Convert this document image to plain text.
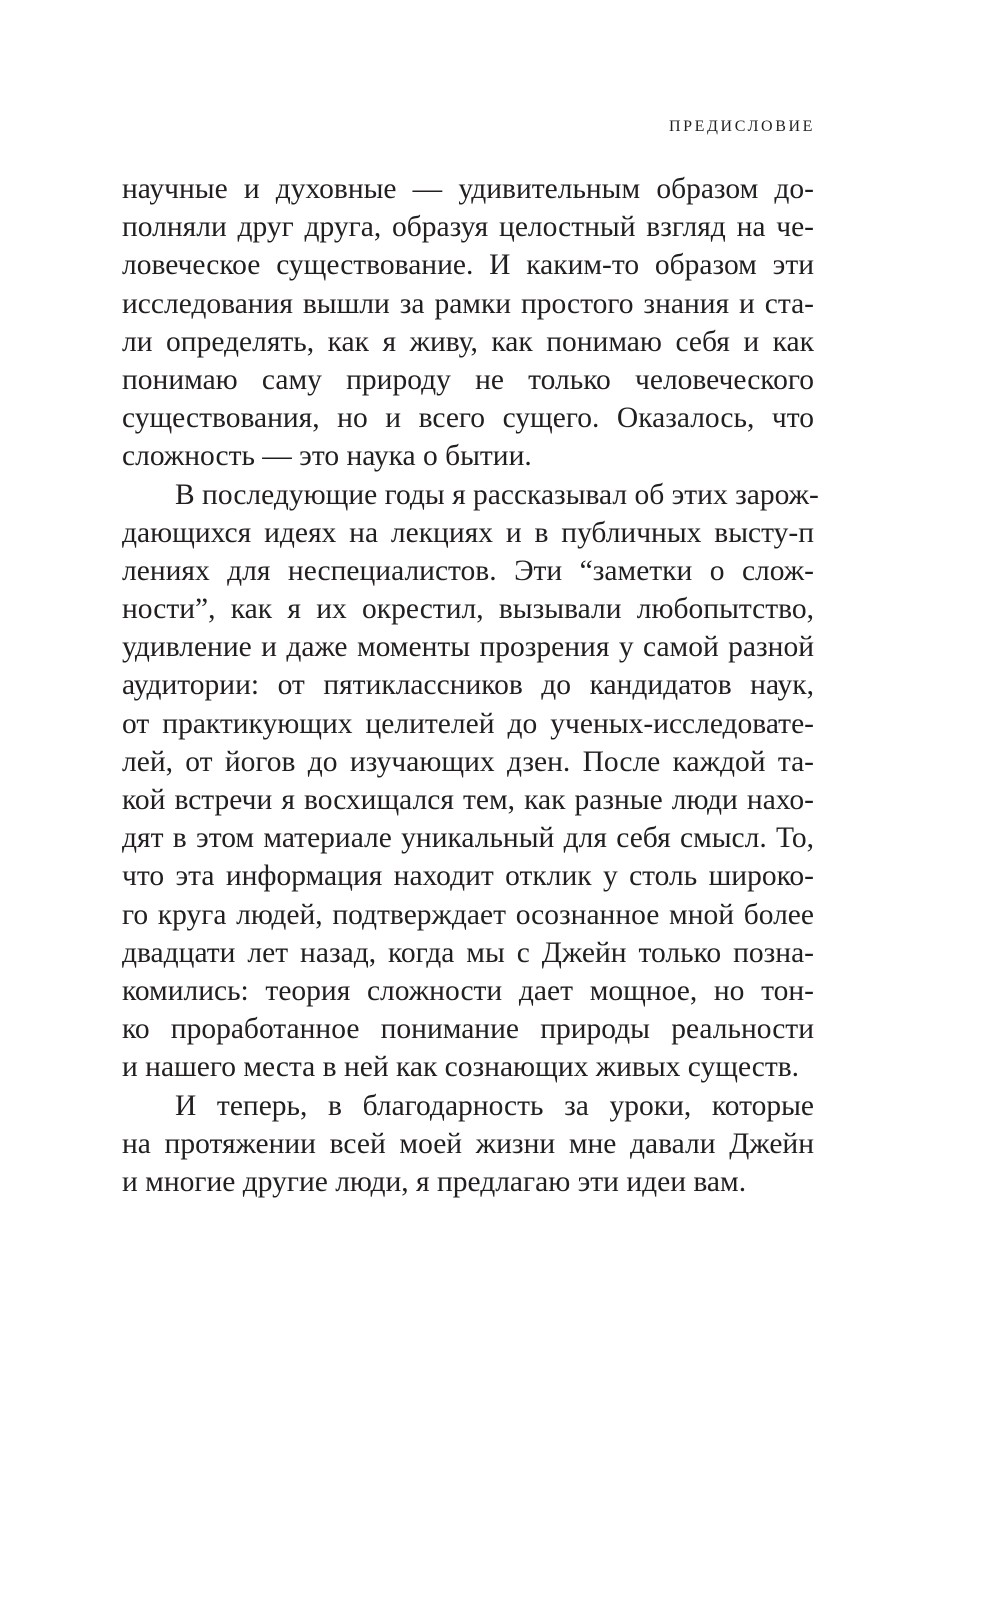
ПРЕДИСЛОВИЕ
научные и духовные — удивительным образом до-
полняли друг друга, образуя целостный взгляд на че-
ловеческое существование. И каким-то образом эти
исследования вышли за рамки простого знания и ста-
ли определять, как я живу, как понимаю себя и как
понимаю саму природу не только человеческого
существования, но и всего сущего. Оказалось, что
сложность — это наука о бытии.
В последующие годы я рассказывал об этих зарож-
дающихся идеях на лекциях и в публичных высту-п
лениях для неспециалистов. Эти “заметки о слож-
ности”, как я их окрестил, вызывали любопытство,
удивление и даже моменты прозрения у самой разной
аудитории: от пятиклассников до кандидатов наук,
от практикующих целителей до ученых-исследовате-
лей, от йогов до изучающих дзен. После каждой та-
кой встречи я восхищался тем, как разные люди нахо-
дят в этом материале уникальный для себя смысл. То,
что эта информация находит отклик у столь широко-
го круга людей, подтверждает осознанное мной более
двадцати лет назад, когда мы с Джейн только позна-
комились: теория сложности дает мощное, но тон-
ко проработанное понимание природы реальности
и нашего места в ней как сознающих живых существ.
И теперь, в благодарность за уроки, которые
на протяжении всей моей жизни мне давали Джейн
и многие другие люди, я предлагаю эти идеи вам.
